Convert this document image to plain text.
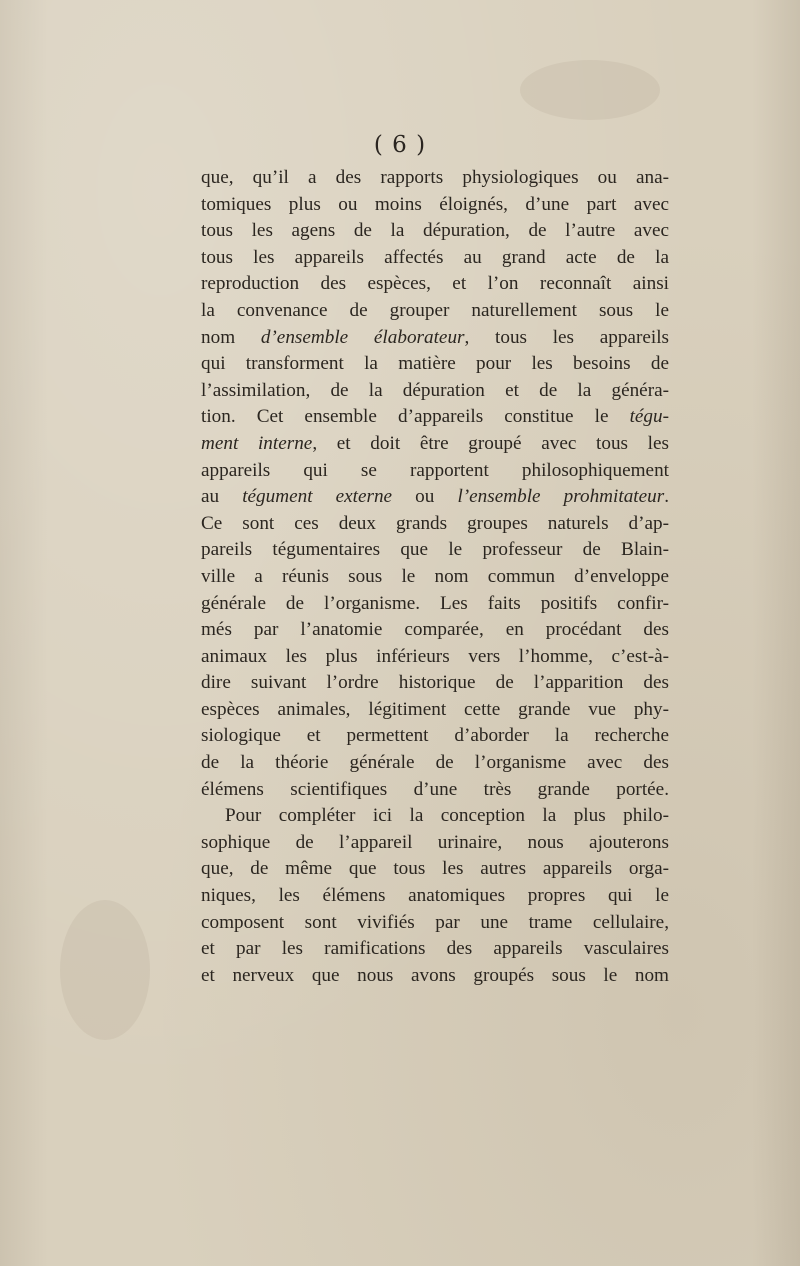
( 6 )
que, qu’il a des rapports physiologiques ou ana-
tomiques plus ou moins éloignés, d’une part avec
tous les agens de la dépuration, de l’autre avec
tous les appareils affectés au grand acte de la
reproduction des espèces, et l’on reconnaît ainsi
la convenance de grouper naturellement sous le
nom d’ensemble élaborateur, tous les appareils
qui transforment la matière pour les besoins de
l’assimilation, de la dépuration et de la généra-
tion. Cet ensemble d’appareils constitue le tégu-
ment interne, et doit être groupé avec tous les
appareils qui se rapportent philosophiquement
au tégument externe ou l’ensemble prohmitateur.
Ce sont ces deux grands groupes naturels d’ap-
pareils tégumentaires que le professeur de Blain-
ville a réunis sous le nom commun d’enveloppe
générale de l’organisme. Les faits positifs confir-
més par l’anatomie comparée, en procédant des
animaux les plus inférieurs vers l’homme, c’est-à-
dire suivant l’ordre historique de l’apparition des
espèces animales, légitiment cette grande vue phy-
siologique et permettent d’aborder la recherche
de la théorie générale de l’organisme avec des
élémens scientifiques d’une très grande portée.
Pour compléter ici la conception la plus philo-
sophique de l’appareil urinaire, nous ajouterons
que, de même que tous les autres appareils orga-
niques, les élémens anatomiques propres qui le
composent sont vivifiés par une trame cellulaire,
et par les ramifications des appareils vasculaires
et nerveux que nous avons groupés sous le nom
